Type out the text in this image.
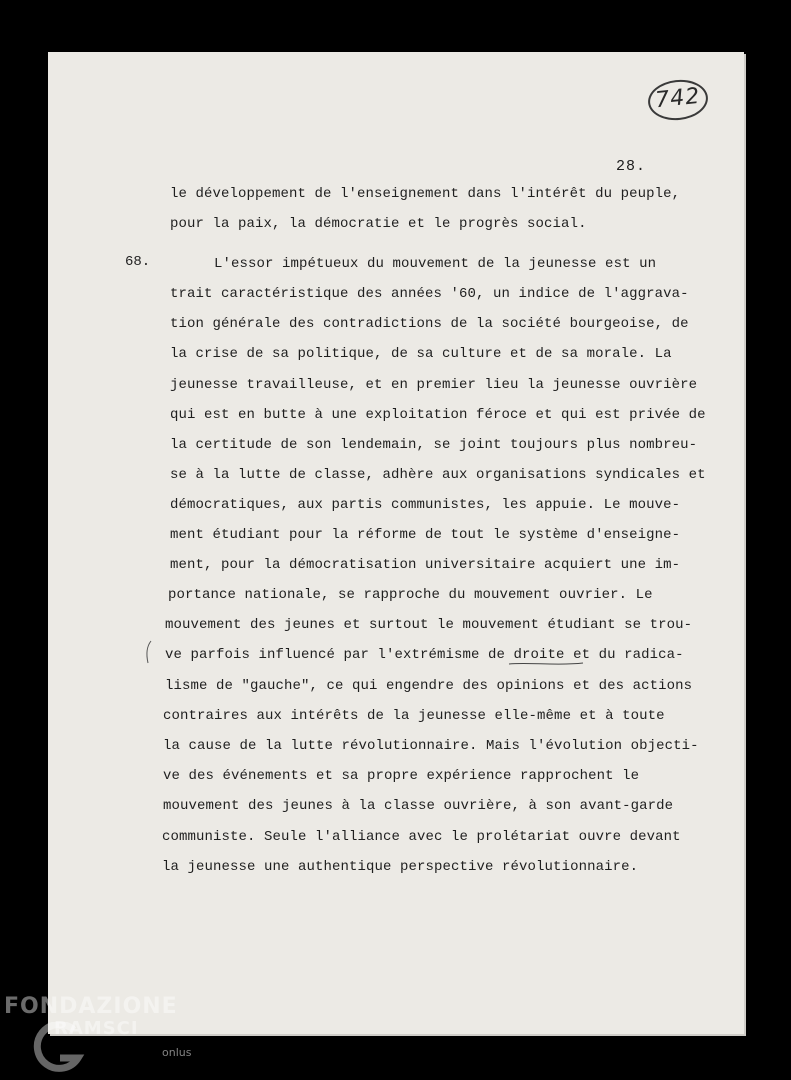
742
28.
68.
le développement de l'enseignement dans l'intérêt du peuple,
pour la paix, la démocratie et le progrès social.
L'essor impétueux du mouvement de la jeunesse est un
trait caractéristique des années '60, un indice de l'aggrava-
tion générale des contradictions de la société bourgeoise, de
la crise de sa politique, de sa culture et de sa morale. La
jeunesse travailleuse, et en premier lieu la jeunesse ouvrière
qui est en butte à une exploitation féroce et qui est privée de
la certitude de son lendemain, se joint toujours plus nombreu-
se à la lutte de classe, adhère aux organisations syndicales et
démocratiques, aux partis communistes, les appuie. Le mouve-
ment étudiant pour la réforme de tout le système d'enseigne-
ment, pour la démocratisation universitaire acquiert une im-
portance nationale, se rapproche du mouvement ouvrier. Le
mouvement des jeunes et surtout le mouvement étudiant se trou-
ve parfois influencé par l'extrémisme de droite et du radica-
lisme de "gauche", ce qui engendre des opinions et des actions
contraires aux intérêts de la jeunesse elle-même et à toute
la cause de la lutte révolutionnaire. Mais l'évolution objecti-
ve des événements et sa propre expérience rapprochent le
mouvement des jeunes à la classe ouvrière, à son avant-garde
communiste. Seule l'alliance avec le prolétariat ouvre devant
la jeunesse une authentique perspective révolutionnaire.
FONDAZIONE
RAMSCI
onlus
